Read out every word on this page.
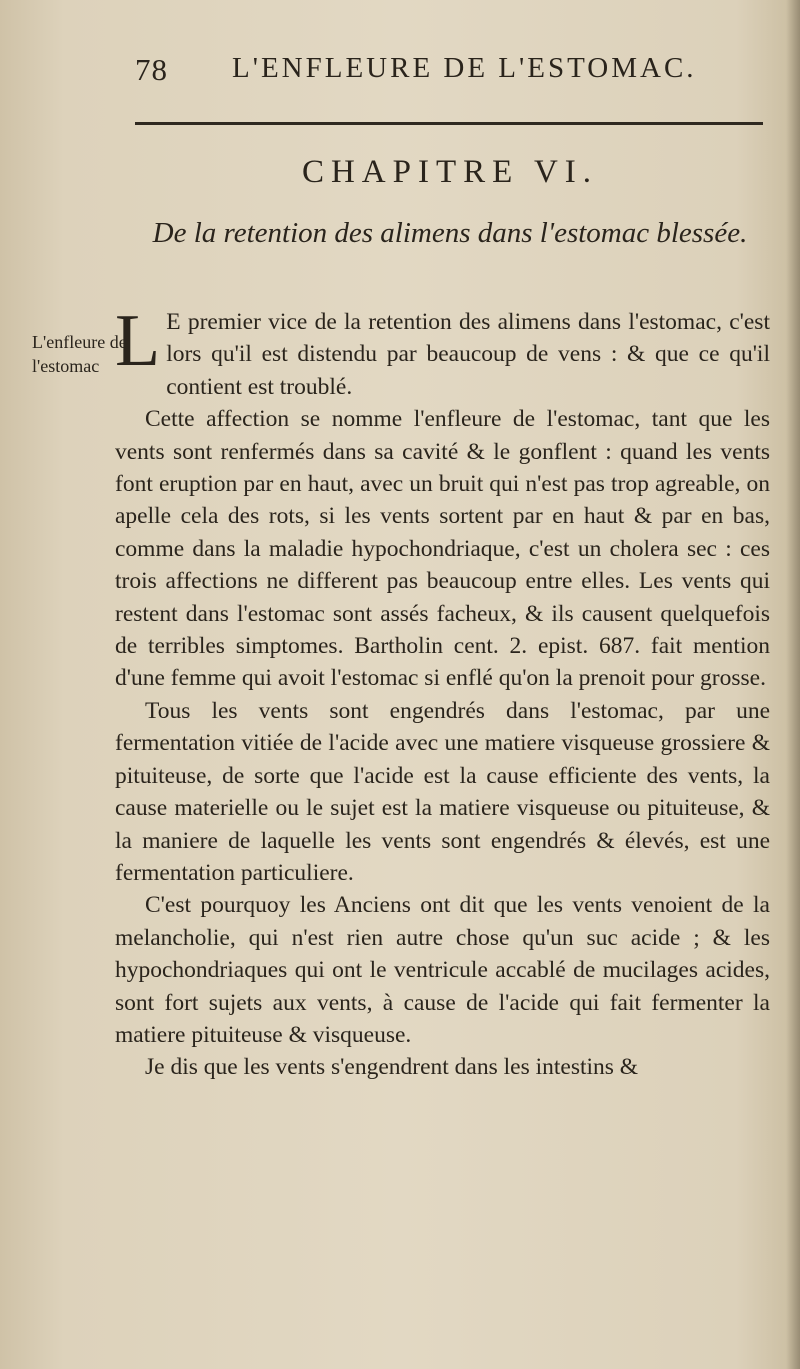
78 L'ENFLEURE DE L'ESTOMAC.
CHAPITRE VI.
De la retention des alimens dans l'estomac blessée.
L'enfleure de l'estomac L E premier vice de la retention des alimens dans l'estomac, c'est lors qu'il est distendu par beaucoup de vens : & que ce qu'il contient est troublé.

Cette affection se nomme l'enfleure de l'estomac, tant que les vents sont renfermés dans sa cavité & le gonflent : quand les vents font eruption par en haut, avec un bruit qui n'est pas trop agreable, on apelle cela des rots, si les vents sortent par en haut & par en bas, comme dans la maladie hypochondriaque, c'est un cholera sec : ces trois affections ne different pas beaucoup entre elles. Les vents qui restent dans l'estomac sont assés facheux, & ils causent quelquefois de terribles simptomes. Bartholin cent. 2. epist. 687. fait mention d'une femme qui avoit l'estomac si enflé qu'on la prenoit pour grosse.

Tous les vents sont engendrés dans l'estomac, par une fermentation vitiée de l'acide avec une matiere visqueuse grossiere & pituiteuse, de sorte que l'acide est la cause efficiente des vents, la cause materielle ou le sujet est la matiere visqueuse ou pituiteuse, & la maniere de laquelle les vents sont engendrés & élevés, est une fermentation particuliere.

C'est pourquoy les Anciens ont dit que les vents venoient de la melancholie, qui n'est rien autre chose qu'un suc acide ; & les hypochondriaques qui ont le ventricule accablé de mucilages acides, sont fort sujets aux vents, à cause de l'acide qui fait fermenter la matiere pituiteuse & visqueuse.

Je dis que les vents s'engendrent dans les intestins &
